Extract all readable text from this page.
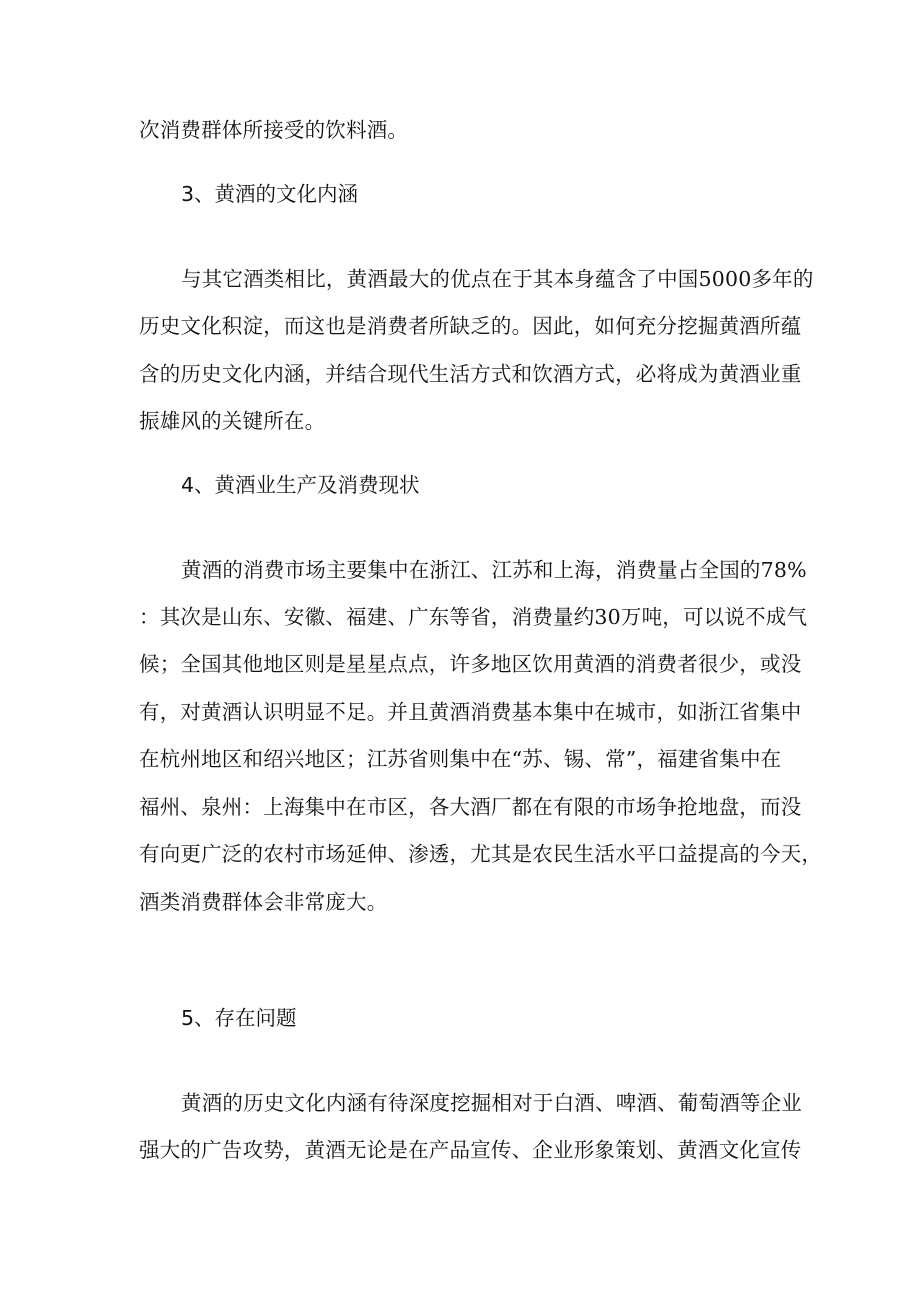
次消费群体所接受的饮料酒。
3、黄酒的文化内涵
与其它酒类相比，黄酒最大的优点在于其本身蕴含了中国5000多年的
历史文化积淀，而这也是消费者所缺乏的。因此，如何充分挖掘黄酒所蕴
含的历史文化内涵，并结合现代生活方式和饮酒方式，必将成为黄酒业重
振雄风的关键所在。
4、黄酒业生产及消费现状
黄酒的消费市场主要集中在浙江、江苏和上海，消费量占全国的78%
：其次是山东、安徽、福建、广东等省，消费量约30万吨，可以说不成气
候；全国其他地区则是星星点点，许多地区饮用黄酒的消费者很少，或没
有，对黄酒认识明显不足。并且黄酒消费基本集中在城市，如浙江省集中
在杭州地区和绍兴地区；江苏省则集中在“苏、锡、常”，福建省集中在
福州、泉州：上海集中在市区，各大酒厂都在有限的市场争抢地盘，而没
有向更广泛的农村市场延伸、渗透，尤其是农民生活水平口益提高的今天，
酒类消费群体会非常庞大。
5、存在问题
黄酒的历史文化内涵有待深度挖掘相对于白酒、啤酒、葡萄酒等企业
强大的广告攻势，黄酒无论是在产品宣传、企业形象策划、黄酒文化宣传
